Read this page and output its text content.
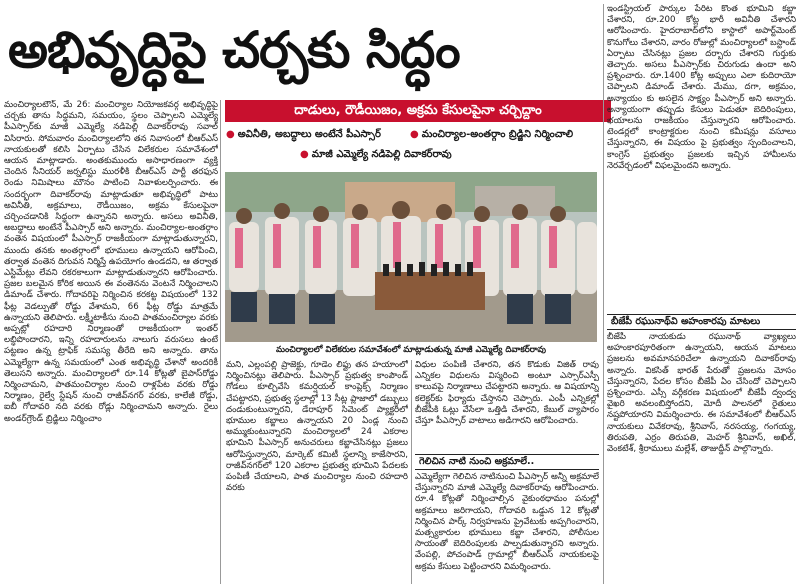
అభివృద్ధిపై చర్చకు సిద్ధం

మంచిర్యాలటౌన్, మే 26: మంచిర్యాల నియోజకవర్గ అభివృద్ధిపై చర్చకు తాను సిద్ధమని, సమయం, స్థలం చెప్పాలని ఎమ్మెల్యే పీఎస్సార్‌కు మాజీ ఎమ్మెల్యే నడిపెల్లి దివాకర్‌రావు సవాల్ విసిరారు. సోమవారం మంచిర్యాలలోని తన నివాసంలో బీఆర్‌ఎస్ నాయకులతో కలిసి ఏర్పాటు చేసిన విలేకరుల సమావేశంలో ఆయన మాట్లాడారు. అంతకుముందు అసాధారణంగా వ్యక్తి చెందిన సీనియర్ జర్నలిస్టు మురళీకి బీఆర్‌ఎస్ పార్టీ తరఫున రెండు నిమిషాలు మౌనం పాటించి నివాళులర్పించారు. ఈ సందర్భంగా దివాకర్‌రావు మాట్లాడుతూ అభివృద్ధిలో పాటు అవినీతి, అక్రమాలు, రౌడీయిజం, అక్రమ కేసులపైనా చర్చించడానికి సిద్ధంగా ఉన్నానని అన్నారు. అసలు అవినీతి, అబద్ధాలు అంటేనే పీఎస్సార్ అని అన్నారు. మంచిర్యాల-అంతర్గాం వంతెన విషయంలో పీఎస్సార్ రాజకీయంగా మాట్లాడుతున్నారని, ముందు తనకు అంతర్గాంలో భూములు ఉన్నాయని ఆరోపించి, తర్వాత వంతెన దిగువన నిర్మిస్తే ఉపయోగం ఉండదని, ఆ తర్వాత ఎస్టిమేట్లు లేవని రకరకాలుగా మాట్లాడుతున్నారని ఆరోపించారు. ప్రజల బలమైన కోరిక అయిన ఈ వంతెనను వెంటనే నిర్మించాలని డిమాండ్ చేశారు. గోదావరిపై నిర్మించిన కరకట్ట విషయంలో 132 ఫీట్ల వెడల్పుతో రోడ్డు వేశామని, 66 ఫీట్ల రోడ్డు మాత్రమే ఉన్నాయని తెలిపారు. లక్ష్మీటాకీసు నుంచి పాతమంచిర్యాల వరకు అప్పట్లో రహదారి నిర్మాణంతో రాజకీయంగా ఇంతర్ లబ్ధిపొందారని, ఇన్ని రహదారులను నాలుగు వరుసలు ఉంటే పట్టణం ఉన్న ట్రాఫిక్ సమస్య తీరేది అని అన్నారు. తాను ఎమ్మెల్యేగా ఉన్న సమయంలో ఎంత అభివృద్ధి చేశానో అందరికీ తెలుసని అన్నారు. మంచిర్యాలలో రూ.14 కోట్లతో బైపాస్‌రోడ్డు నిర్మించామని, పాతమంచిర్యాల నుంచి రాళ్లపేట వరకు రోడ్డు నిర్మాణం, రైల్వే స్టేషన్ నుంచి రాజీవ్‌నగర్ వరకు, కాలేజీ రోడ్డు, ఐబీ గోదావరి నది వరకు రోడ్లు నిర్మించామని అన్నారు. రైలు అండర్‌గ్రౌండ్ బ్రిడ్జిలు నిర్మించాం

దాడులు, రౌడీయిజం, అక్రమ కేసులపైనా చర్చిద్దాం
● అవినీతి, అబద్ధాలు అంటేనే పీఎస్సార్	● మంచిర్యాల-అంతర్గాం బ్రిడ్జిని నిర్మించాలి
● మాజీ ఎమ్మెల్యే నడిపెల్లి దివాకర్‌రావు
మంచిర్యాలలో విలేకరుల సమావేశంలో మాట్లాడుతున్న మాజీ ఎమ్మెల్యే దివాకర్‌రావు

మని, ఎల్లంపల్లి ప్రాజెక్టు, గూడెం లిఫ్టు తన హయాంలో నిర్మించినట్లు తెలిపారు. పీఎస్సార్ ప్రభుత్వ కాంపౌండ్ గోడలు కూల్చివేసి కమర్షియల్ కాంప్లెక్స్ నిర్మాణం చేపట్టారని, ప్రభుత్వ స్థలాల్లో 13 సీట్ల ప్లాజాలో డబ్బులు దండుకుంటున్నారని, డేరాపూర్ సిమెంట్ ప్యాక్టరీలో భూముల కబ్జాలు ఉన్నాయని 20 ఏండ్ల నుంచి అమ్ముకుంటున్నారని మంచిర్యాలలో 24 ఎకరాల భూమిని పీఎస్సార్ అనుచరులు కబ్జాచేసినట్లు ప్రజలు ఆరోపిస్తున్నారని, మార్కెట్ కమిటీ స్థలాన్ని కాజేసారని, రాజీవ్‌నగర్‌లో 120 ఎకరాల ప్రభుత్వ భూమిని పేదలకు పంపిణీ చేయాలని, పాత మంచిర్యాల నుంచి రహదారి వరకు

విధుల పంపిణీ చేశారని, తన కొడుకు విజిత్ రావు ఎన్నికల విధులను విస్మరించి అంటూ ఎస్సార్‌ఎస్పీ కాలువపై నిర్మాణాలు చేపట్టారని అన్నారు. ఆ విషయాన్ని కలెక్టర్‌కు ఫిర్యాదు చేస్తానని చెప్పారు. ఎంపీ ఎన్నికల్లో బీజేపీకి ఓట్లు వేసేలా ఒత్తిడి చేశారని, కేబుల్ వ్యాపారం చేస్తూ పీఎస్సార్ వాటాలు అడిగారని ఆరోపించారు.

గెలిచిన నాటి నుంచి అక్రమాలే..

ఎమ్మెల్యేగా గెలిచిన నాటినుంచి పీఎస్సార్ అన్నీ అక్రమాలే చేస్తున్నారని మాజీ ఎమ్మెల్యే దివాకర్‌రావు ఆరోపించారు. రూ.4 కోట్లతో నిర్మించాల్సిన వైకుంఠధామం పనుల్లో అక్రమాలు జరిగాయని, గోదావరి ఒడ్డున 12 కోట్లతో నిర్మించిన పార్క్ నిర్వహణను ప్రైవేటుకు అప్పగించారని, మత్స్యకారుల భూములు కబ్జా చేశారని, పోలీసుల సాయంతో బెదిరింపులకు పాల్పడుతున్నారని అన్నారు. వేంపల్లి, పోచంపాడ్ గ్రామాల్లో బీఆర్‌ఎస్ నాయకులపై అక్రమ కేసులు పెట్టించారని విమర్శించారు.

ఇండస్ట్రియల్ పార్కుల పేరిట కొంత భూమిని కబ్జా చేశారని, రూ.200 కోట్ల భారీ అవినీతి చేశారని ఆరోపించారు. హైదరాబాద్‌లోని కాస్టాలో అపార్ట్‌మెంట్ కొనుగోలు చేశారని, వారం రోజుల్లో మంచిర్యాలలో బస్టాండ్ ఏర్పాటు చేసినట్లు ప్రజల దర్బారు చేశారని గుర్తుకు తెచ్చారు. అసలు పీఎస్సార్‌కు చిరుగుడు ఉందా అని ప్రశ్నించారు. రూ.1400 కోట్ల అప్పులు ఎలా కుదిరాయో చెప్పాలని డిమాండ్ చేశారు. మేము, దగా, అక్రమం, అన్యాయం కు అసలైన సాక్ష్యం పీఎస్సార్ అని అన్నారు. అన్యాయంగా తప్పుడు కేసులు పెడుతూ బెదిరింపులు, భయాలను రాజకీయం చేస్తున్నారని ఆరోపించారు. టెండర్లలో కాంట్రాక్టరుల నుంచి కమీషన్లు వసూలు చేస్తున్నారని, ఈ విషయం పై ప్రభుత్వం స్పందించాలని, కాంగ్రెస్ ప్రభుత్వం ప్రజలకు ఇచ్చిన హామీలను నెరవేర్చడంలో విఫలమైందని అన్నారు.

బీజేపీ రఘునాథ్‌వి అహంకారపు మాటలు

బీజేపీ నాయకుడు రఘునాథ్ వ్యాఖ్యలు అహంకారపూరితంగా ఉన్నాయని, ఆయన మాటలు ప్రజలను అవమానపరిచేలా ఉన్నాయని దివాకర్‌రావు అన్నారు. వికసిత్ భారత్ పేరుతో ప్రజలను మోసం చేస్తున్నారని, పేదల కోసం బీజేపీ ఏం చేసిందో చెప్పాలని ప్రశ్నించారు. ఎస్సీ వర్గీకరణ విషయంలో బీజేపీ ద్వంద్వ వైఖరి అవలంబిస్తోందని, మోదీ పాలనలో రైతులు నష్టపోయారని విమర్శించారు. ఈ సమావేశంలో బీఆర్‌ఎస్ నాయకులు వివేకరావు, శ్రీనివాస్, నరసయ్య, గంగయ్య, తిరుపతి, ఎర్రం తిరుపతి, మెహర్ శ్రీనివాస్, అఖిల్, వెంకటేశ్, శ్రీరాములు మల్లేశ్, తాజుద్దీన్ పాల్గొన్నారు.
